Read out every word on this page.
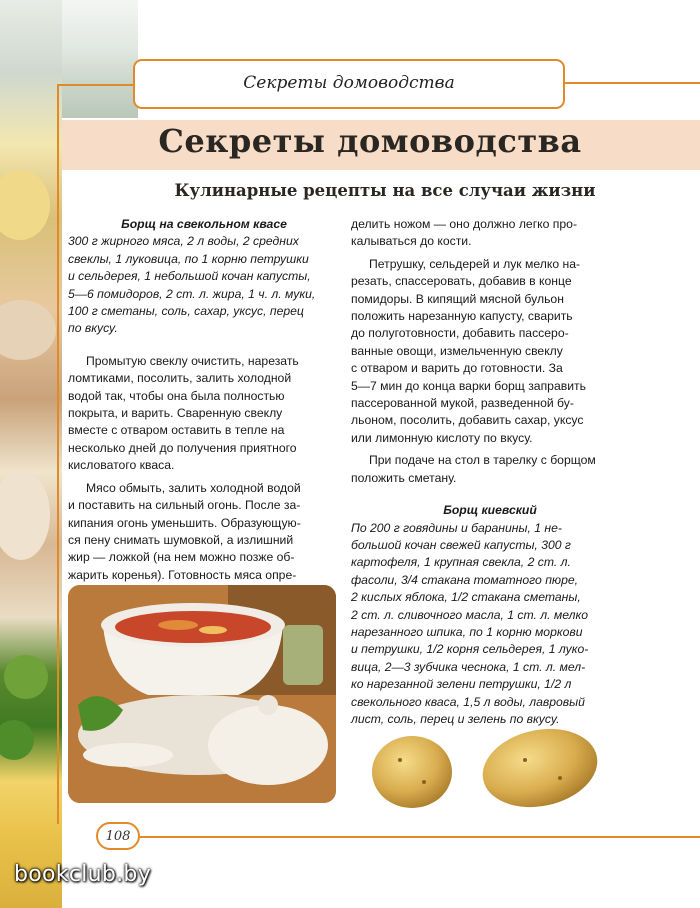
Секреты домоводства
Секреты домоводства
Кулинарные рецепты на все случаи жизни

Борщ на свекольном квасе

300 г жирного мяса, 2 л воды, 2 средних

свеклы, 1 луковица, по 1 корню петрушки

и сельдерея, 1 небольшой кочан капусты,

5—6 помидоров, 2 ст. л. жира, 1 ч. л. муки,

100 г сметаны, соль, сахар, уксус, перец

по вкусу.

Промытую свеклу очистить, нарезать

ломтиками, посолить, залить холодной

водой так, чтобы она была полностью

покрыта, и варить. Сваренную свеклу

вместе с отваром оставить в тепле на

несколько дней до получения приятного

кисловатого кваса.

Мясо обмыть, залить холодной водой

и поставить на сильный огонь. После за-

кипания огонь уменьшить. Образующую-

ся пену снимать шумовкой, а излишний

жир — ложкой (на нем можно позже об-

жарить коренья). Готовность мяса опре-

делить ножом — оно должно легко про-

калываться до кости.

Петрушку, сельдерей и лук мелко на-

резать, спассеровать, добавив в конце

помидоры. В кипящий мясной бульон

положить нарезанную капусту, сварить

до полуготовности, добавить пассеро-

ванные овощи, измельченную свеклу

с отваром и варить до готовности. За

5—7 мин до конца варки борщ заправить

пассерованной мукой, разведенной бу-

льоном, посолить, добавить сахар, уксус

или лимонную кислоту по вкусу.

При подаче на стол в тарелку с борщом

положить сметану.

Борщ киевский

По 200 г говядины и баранины, 1 не-

большой кочан свежей капусты, 300 г

картофеля, 1 крупная свекла, 2 ст. л.

фасоли, 3/4 стакана томатного пюре,

2 кислых яблока, 1/2 стакана сметаны,

2 ст. л. сливочного масла, 1 ст. л. мелко

нарезанного шпика, по 1 корню моркови

и петрушки, 1/2 корня сельдерея, 1 луко-

вица, 2—3 зубчика чеснока, 1 ст. л. мел-

ко нарезанной зелени петрушки, 1/2 л

свекольного кваса, 1,5 л воды, лавровый

лист, соль, перец и зелень по вкусу.

108
bookclub.by
